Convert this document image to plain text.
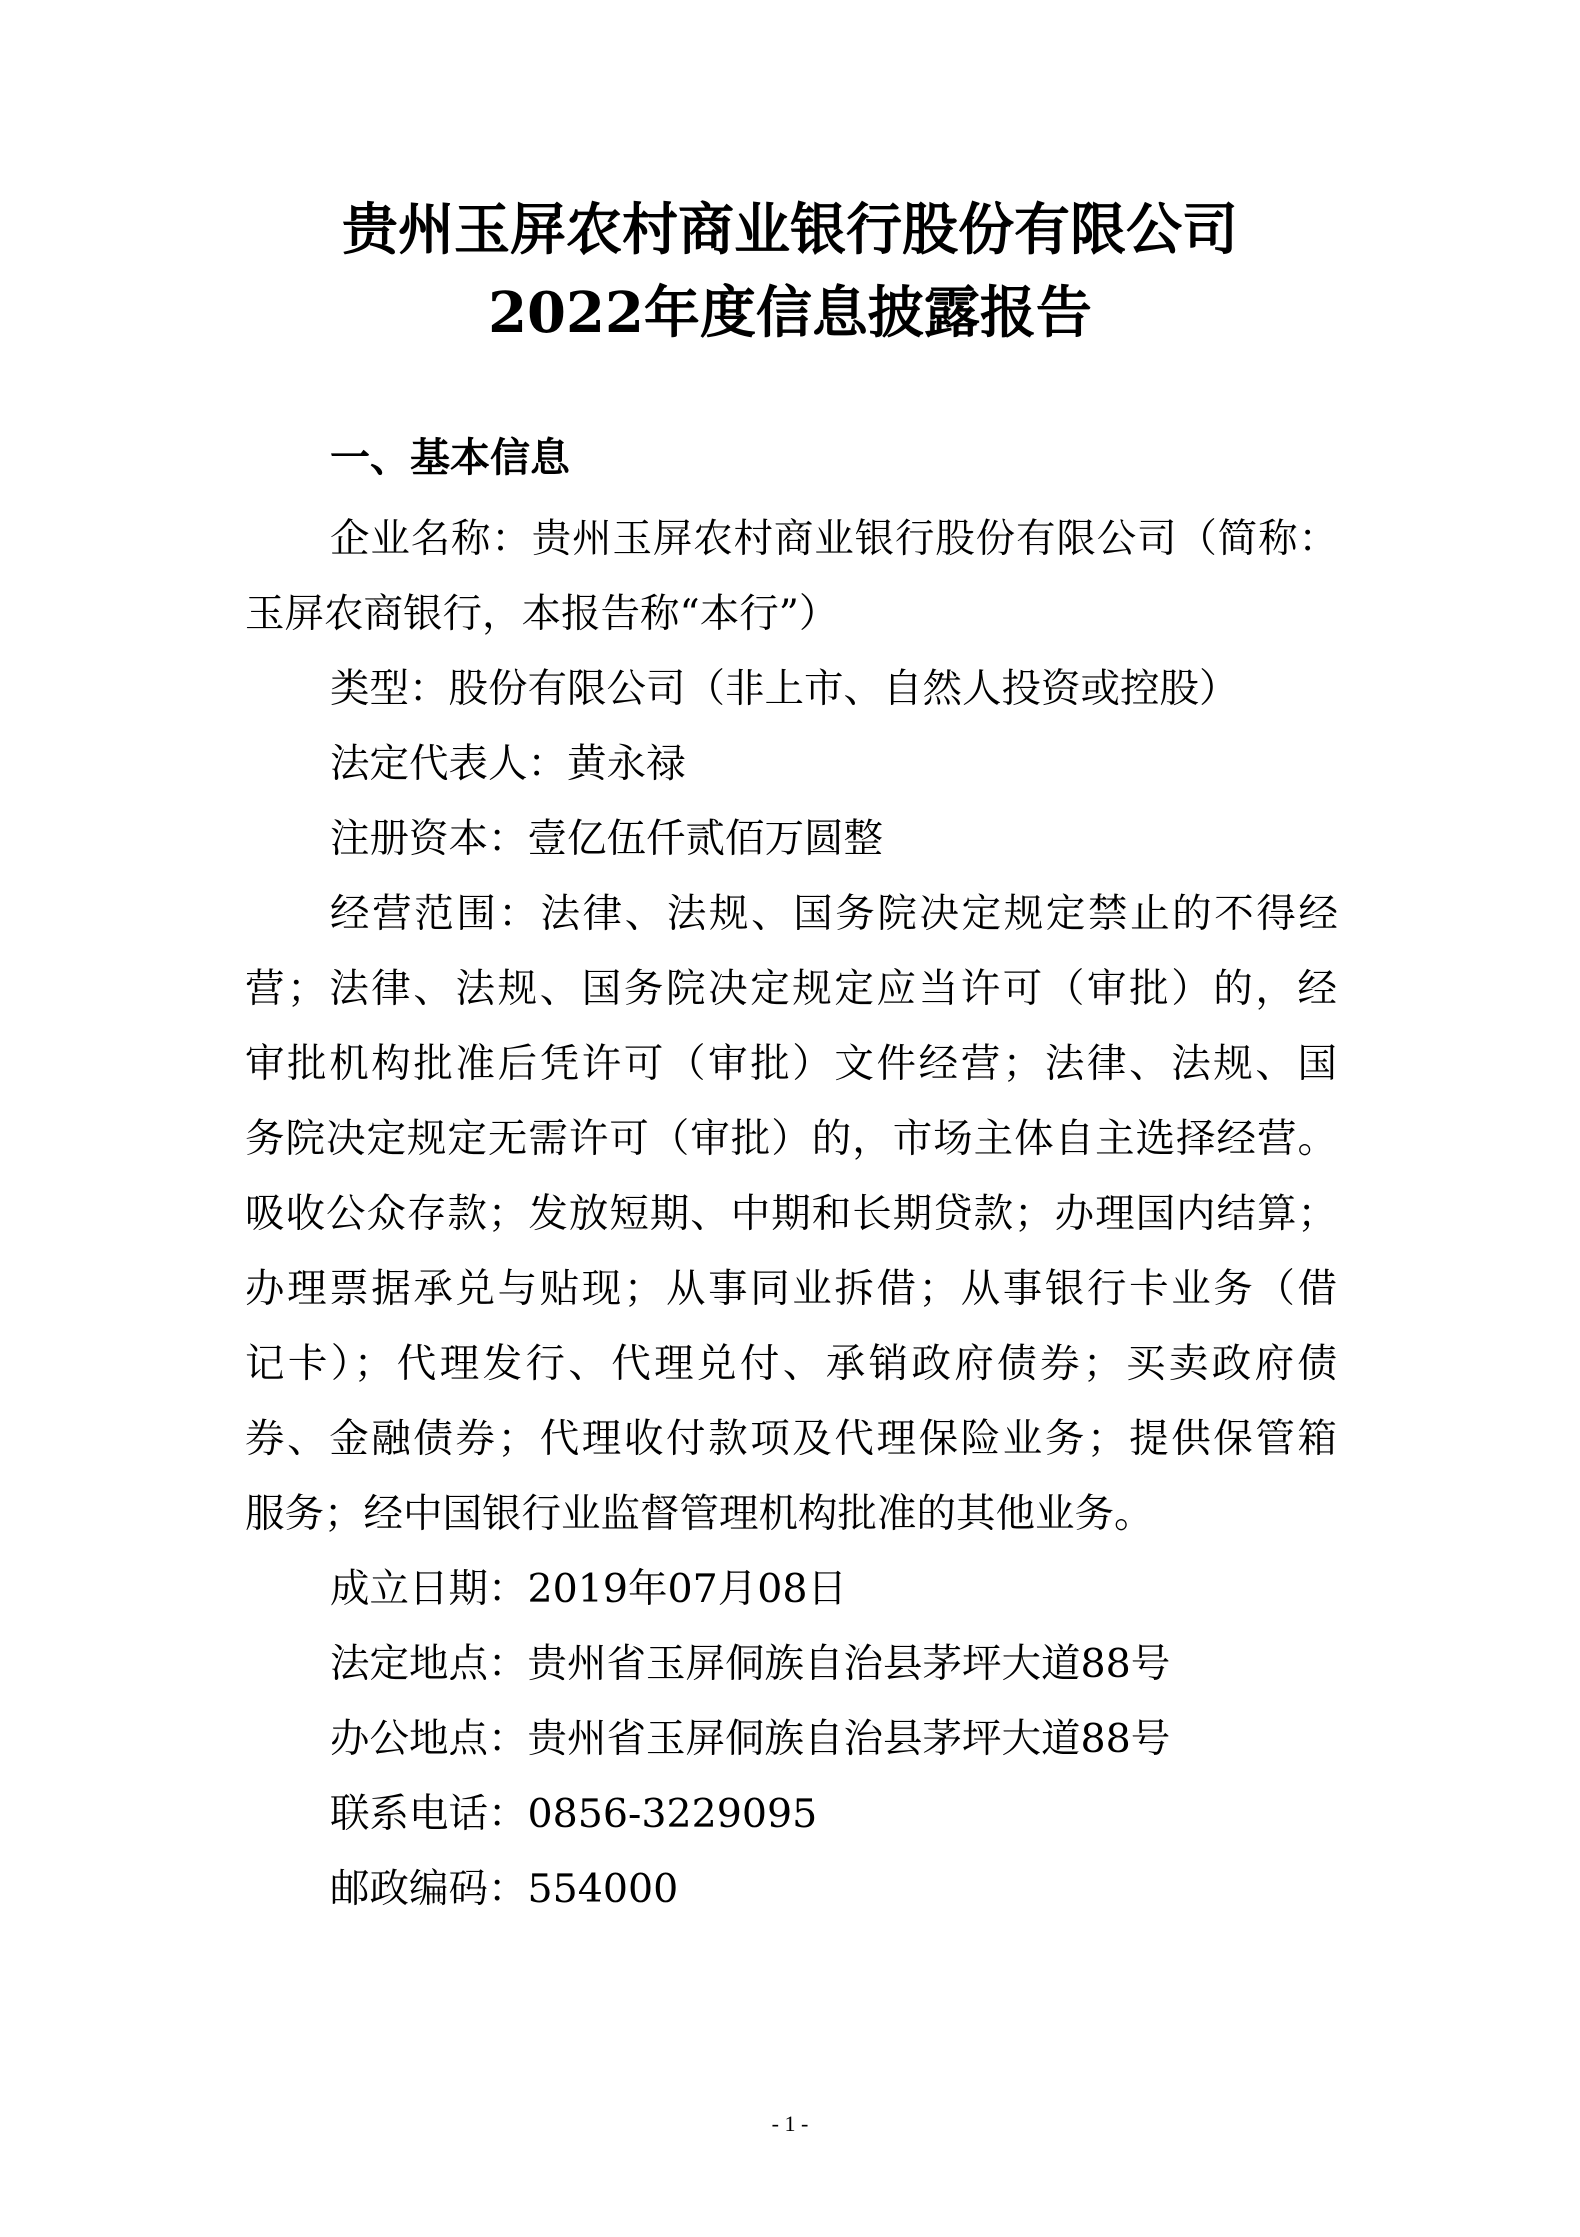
贵州玉屏农村商业银行股份有限公司
2022年度信息披露报告
一、基本信息
企业名称：贵州玉屏农村商业银行股份有限公司（简称：
玉屏农商银行，本报告称“本行”）
类型：股份有限公司（非上市、自然人投资或控股）
法定代表人：黄永禄
注册资本：壹亿伍仟贰佰万圆整
经营范围：法律、法规、国务院决定规定禁止的不得经
营；法律、法规、国务院决定规定应当许可（审批）的，经
审批机构批准后凭许可（审批）文件经营；法律、法规、国
务院决定规定无需许可（审批）的，市场主体自主选择经营。
吸收公众存款；发放短期、中期和长期贷款；办理国内结算；
办理票据承兑与贴现；从事同业拆借；从事银行卡业务（借
记卡）；代理发行、代理兑付、承销政府债券；买卖政府债
券、金融债券；代理收付款项及代理保险业务；提供保管箱
服务；经中国银行业监督管理机构批准的其他业务。
成立日期：2019年07月08日
法定地点：贵州省玉屏侗族自治县茅坪大道88号
办公地点：贵州省玉屏侗族自治县茅坪大道88号
联系电话：0856-3229095
邮政编码：554000
- 1 -
